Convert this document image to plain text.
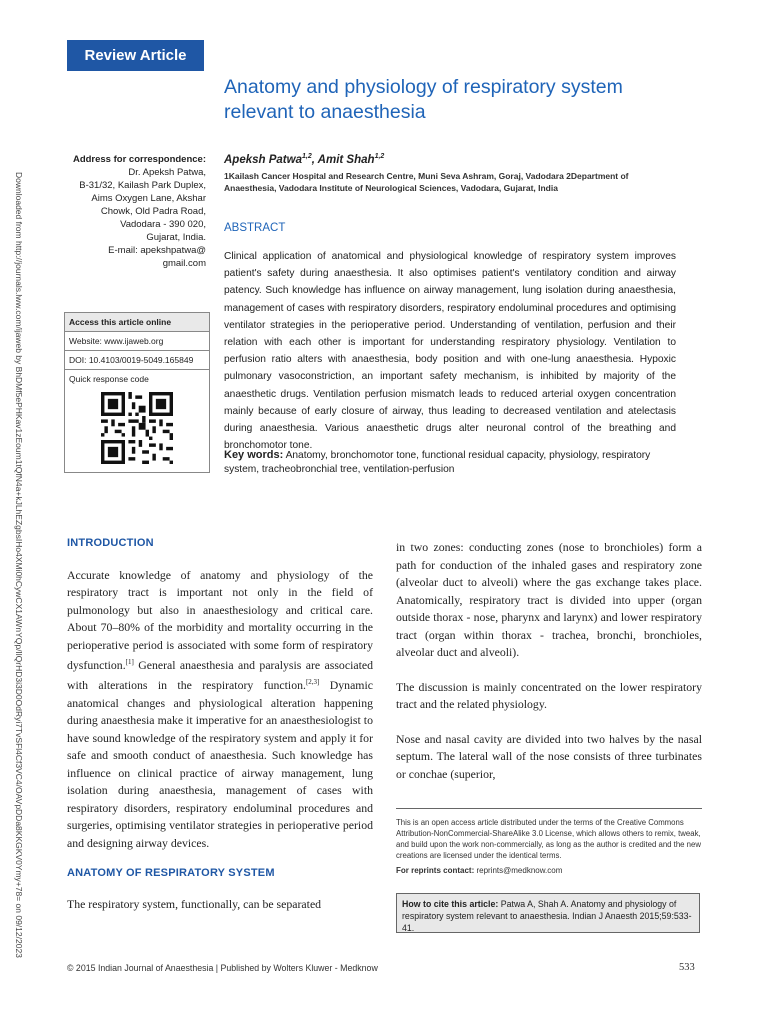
Review Article
Anatomy and physiology of respiratory system
relevant to anaesthesia
Downloaded from http://journals.lww.com/ijaweb by BhDMf5ePHKav1zEoum1tQfN4a+kJLhEZgbsIHo4XMi0hCywCX1AWnYQp/IlQrHD3i3D0OdRyi7TvSFl4Cf3VC4/OAVpDDa8KKGKV0Ymy+78= on 09/12/2023
Address for correspondence:
Dr. Apeksh Patwa,
B-31/32, Kailash Park Duplex,
Aims Oxygen Lane, Akshar
Chowk, Old Padra Road,
Vadodara - 390 020,
Gujarat, India.
E-mail: apekshpatwa@
gmail.com
Access this article online
Website: www.ijaweb.org
DOI: 10.4103/0019-5049.165849
Quick response code
Apeksh Patwa$^{1,2}$, Amit Shah$^{1,2}$
1Kailash Cancer Hospital and Research Centre, Muni Seva Ashram, Goraj, Vadodara 2Department of Anaesthesia, Vadodara Institute of Neurological Sciences, Vadodara, Gujarat, India
ABSTRACT
Clinical application of anatomical and physiological knowledge of respiratory system improves patient's safety during anaesthesia. It also optimises patient's ventilatory condition and airway patency. Such knowledge has influence on airway management, lung isolation during anaesthesia, management of cases with respiratory disorders, respiratory endoluminal procedures and optimising ventilator strategies in the perioperative period. Understanding of ventilation, perfusion and their relation with each other is important for understanding respiratory physiology. Ventilation to perfusion ratio alters with anaesthesia, body position and with one-lung anaesthesia. Hypoxic pulmonary vasoconstriction, an important safety mechanism, is inhibited by majority of the anaesthetic drugs. Ventilation perfusion mismatch leads to reduced arterial oxygen concentration mainly because of early closure of airway, thus leading to decreased ventilation and atelectasis during anaesthesia. Various anaesthetic drugs alter neuronal control of the breathing and bronchomotor tone.
Key words: Anatomy, bronchomotor tone, functional residual capacity, physiology, respiratory system, tracheobronchial tree, ventilation-perfusion
INTRODUCTION

Accurate knowledge of anatomy and physiology of the respiratory tract is important not only in the field of pulmonology but also in anaesthesiology and critical care. About 70–80% of the morbidity and mortality occurring in the perioperative period is associated with some form of respiratory dysfunction.[1] General anaesthesia and paralysis are associated with alterations in the respiratory function.[2,3] Dynamic anatomical changes and physiological alteration happening during anaesthesia make it imperative for an anaesthesiologist to have sound knowledge of the respiratory system and apply it for safe and smooth conduct of anaesthesia. Such knowledge has influence on clinical practice of airway management, lung isolation during anaesthesia, management of cases with respiratory disorders, respiratory endoluminal procedures and surgeries, optimising ventilator strategies in perioperative period and designing airway devices.

ANATOMY OF RESPIRATORY SYSTEM

The respiratory system, functionally, can be separated

in two zones: conducting zones (nose to bronchioles) form a path for conduction of the inhaled gases and respiratory zone (alveolar duct to alveoli) where the gas exchange takes place. Anatomically, respiratory tract is divided into upper (organ outside thorax - nose, pharynx and larynx) and lower respiratory tract (organ within thorax - trachea, bronchi, bronchioles, alveolar duct and alveoli).

The discussion is mainly concentrated on the lower respiratory tract and the related physiology.

Nose and nasal cavity are divided into two halves by the nasal septum. The lateral wall of the nose consists of three turbinates or conchae (superior,

This is an open access article distributed under the terms of the Creative Commons Attribution-NonCommercial-ShareAlike 3.0 License, which allows others to remix, tweak, and build upon the work non-commercially, as long as the author is credited and the new creations are licensed under the identical terms.
For reprints contact: reprints@medknow.com
How to cite this article: Patwa A, Shah A. Anatomy and physiology of respiratory system relevant to anaesthesia. Indian J Anaesth 2015;59:533-41.
© 2015 Indian Journal of Anaesthesia | Published by Wolters Kluwer - Medknow	533
